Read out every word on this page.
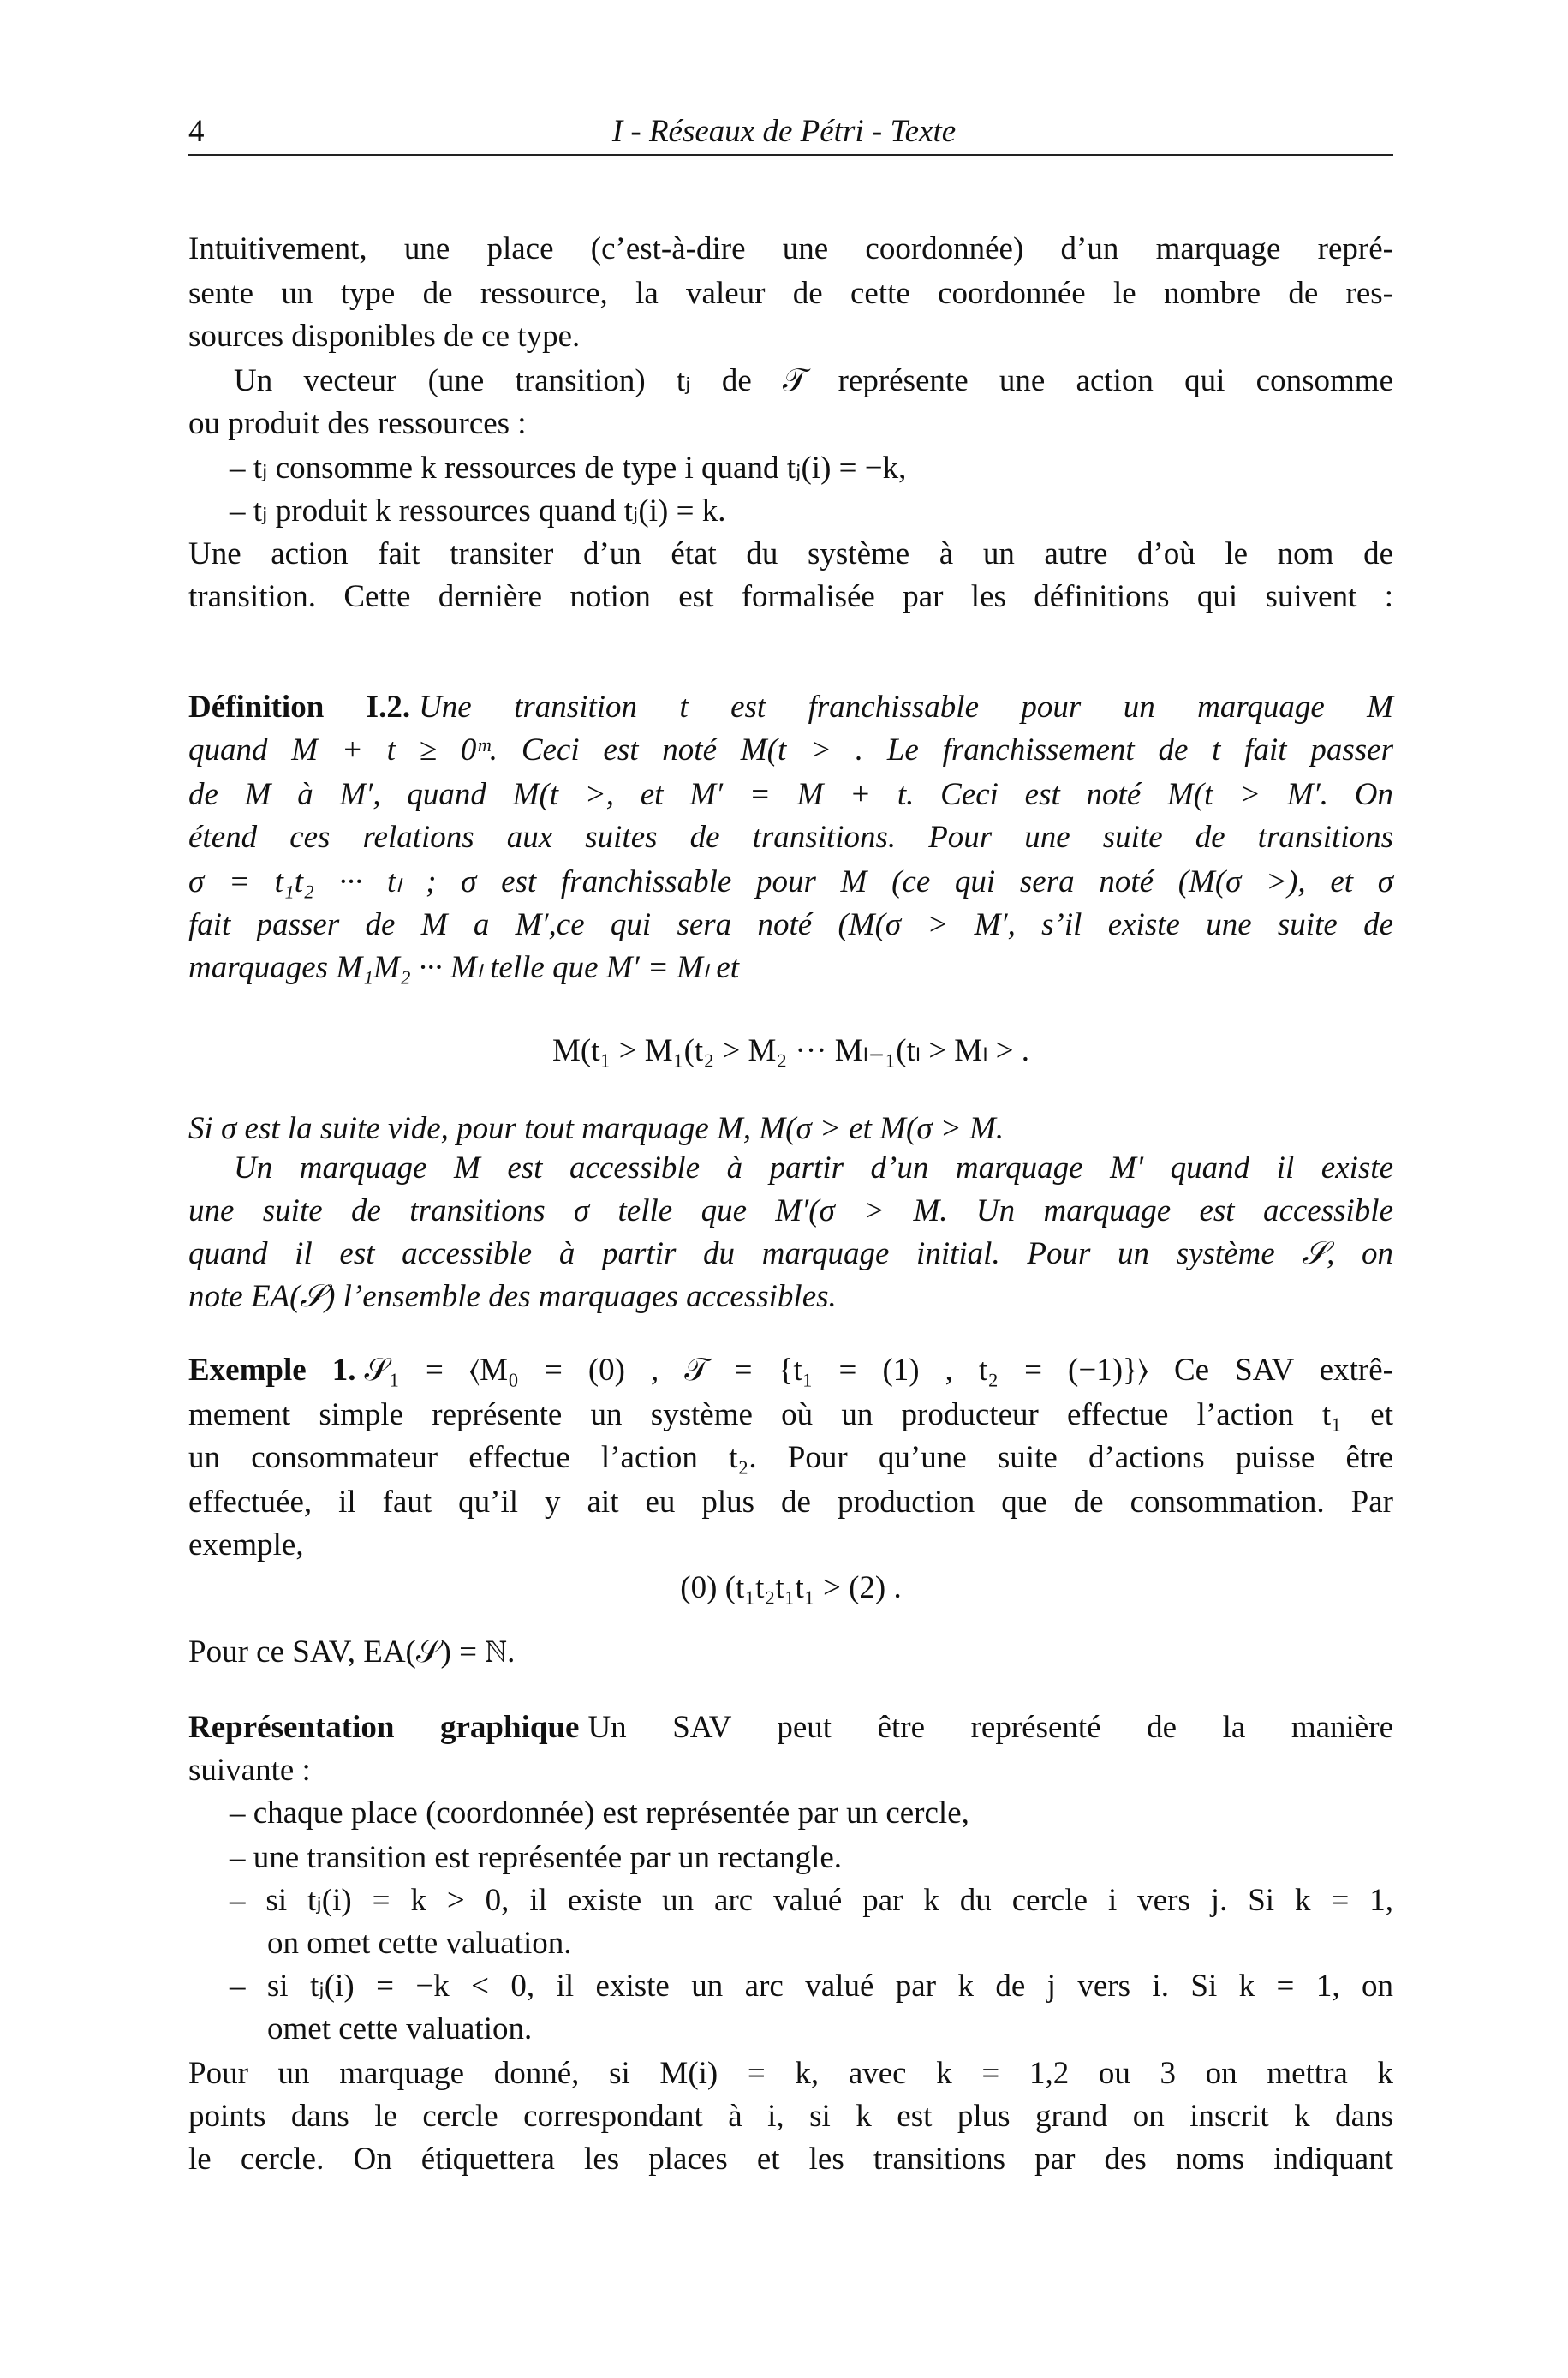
4	I - Réseaux de Pétri - Texte
Intuitivement, une place (c’est-à-dire une coordonnée) d’un marquage repré-
sente un type de ressource, la valeur de cette coordonnée le nombre de res-
sources disponibles de ce type.
Un vecteur (une transition) tⱼ de 𝒯 représente une action qui consomme
ou produit des ressources :
– tⱼ consomme k ressources de type i quand tⱼ(i) = −k,
– tⱼ produit k ressources quand tⱼ(i) = k.
Une action fait transiter d’un état du système à un autre d’où le nom de
transition. Cette dernière notion est formalisée par les définitions qui suivent :
Définition I.2. Une transition t est franchissable pour un marquage M
quand M + t ≥ 0ᵐ. Ceci est noté M(t > . Le franchissement de t fait passer
de M à M′, quand M(t >, et M′ = M + t. Ceci est noté M(t > M′. On
étend ces relations aux suites de transitions. Pour une suite de transitions
σ = t₁t₂ ··· tₗ ; σ est franchissable pour M (ce qui sera noté (M(σ >), et σ
fait passer de M a M′,ce qui sera noté (M(σ > M′, s’il existe une suite de
marquages M₁M₂ ··· Mₗ telle que M′ = Mₗ et
M(t₁ > M₁(t₂ > M₂ ··· Mₗ₋₁(tₗ > Mₗ > .
Si σ est la suite vide, pour tout marquage M, M(σ > et M(σ > M.
Un marquage M est accessible à partir d’un marquage M′ quand il existe
une suite de transitions σ telle que M′(σ > M. Un marquage est accessible
quand il est accessible à partir du marquage initial. Pour un système 𝒮, on
note EA(𝒮) l’ensemble des marquages accessibles.
Exemple 1. 𝒮₁ = ⟨M₀ = (0) , 𝒯 = {t₁ = (1) , t₂ = (−1)}⟩ Ce SAV extrê-
mement simple représente un système où un producteur effectue l’action t₁ et
un consommateur effectue l’action t₂. Pour qu’une suite d’actions puisse être
effectuée, il faut qu’il y ait eu plus de production que de consommation. Par
exemple,
(0) (t₁t₂t₁t₁ > (2) .
Pour ce SAV, EA(𝒮) = ℕ.
Représentation graphique Un SAV peut être représenté de la manière
suivante :
– chaque place (coordonnée) est représentée par un cercle,
– une transition est représentée par un rectangle.
– si tⱼ(i) = k > 0, il existe un arc valué par k du cercle i vers j. Si k = 1,
on omet cette valuation.
– si tⱼ(i) = −k < 0, il existe un arc valué par k de j vers i. Si k = 1, on
omet cette valuation.
Pour un marquage donné, si M(i) = k, avec k = 1,2 ou 3 on mettra k
points dans le cercle correspondant à i, si k est plus grand on inscrit k dans
le cercle. On étiquettera les places et les transitions par des noms indiquant
